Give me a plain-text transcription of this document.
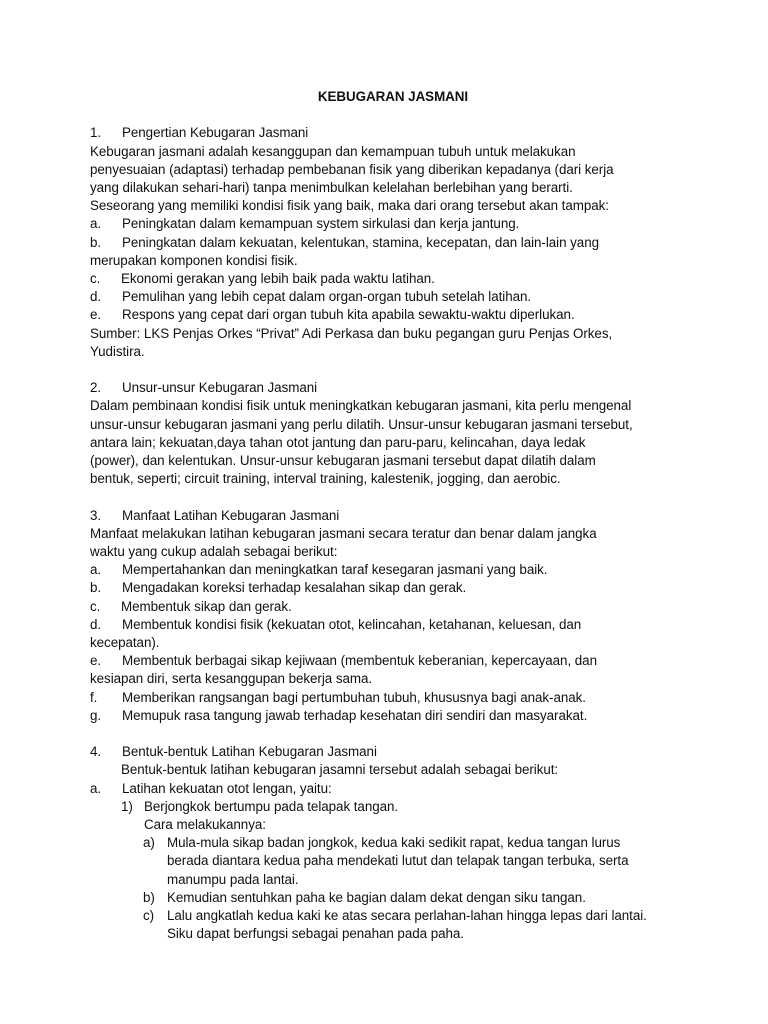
KEBUGARAN JASMANI
1.	Pengertian Kebugaran Jasmani
Kebugaran jasmani adalah kesanggupan dan kemampuan tubuh untuk melakukan
penyesuaian (adaptasi) terhadap pembebanan fisik yang diberikan kepadanya (dari kerja
yang dilakukan sehari-hari) tanpa menimbulkan kelelahan berlebihan yang berarti.
Seseorang yang memiliki kondisi fisik yang baik, maka dari orang tersebut akan tampak:
a.	Peningkatan dalam kemampuan system sirkulasi dan kerja jantung.
b.	Peningkatan dalam kekuatan, kelentukan, stamina, kecepatan, dan lain-lain yang
merupakan komponen kondisi fisik.
c.	Ekonomi gerakan yang lebih baik pada waktu latihan.
d.	Pemulihan yang lebih cepat dalam organ-organ tubuh setelah latihan.
e.	Respons yang cepat dari organ tubuh kita apabila sewaktu-waktu diperlukan.
Sumber: LKS Penjas Orkes “Privat” Adi Perkasa dan buku pegangan guru Penjas Orkes,
Yudistira.
2.	Unsur-unsur Kebugaran Jasmani
Dalam pembinaan kondisi fisik untuk meningkatkan kebugaran jasmani, kita perlu mengenal
unsur-unsur kebugaran jasmani yang perlu dilatih. Unsur-unsur kebugaran jasmani tersebut,
antara lain; kekuatan,daya tahan otot jantung dan paru-paru, kelincahan, daya ledak
(power), dan kelentukan. Unsur-unsur kebugaran jasmani tersebut dapat dilatih dalam
bentuk, seperti; circuit training, interval training, kalestenik, jogging, dan aerobic.
3.	Manfaat Latihan Kebugaran Jasmani
Manfaat melakukan latihan kebugaran jasmani secara teratur dan benar dalam jangka
waktu yang cukup adalah sebagai berikut:
a.	Mempertahankan dan meningkatkan taraf kesegaran jasmani yang baik.
b.	Mengadakan koreksi terhadap kesalahan sikap dan gerak.
c.	Membentuk sikap dan gerak.
d.	Membentuk kondisi fisik (kekuatan otot, kelincahan, ketahanan, keluesan, dan
kecepatan).
e.	Membentuk berbagai sikap kejiwaan (membentuk keberanian, kepercayaan, dan
kesiapan diri, serta kesanggupan bekerja sama.
f.	Memberikan rangsangan bagi pertumbuhan tubuh, khususnya bagi anak-anak.
g.	Memupuk rasa tangung jawab terhadap kesehatan diri sendiri dan masyarakat.
4.	Bentuk-bentuk Latihan Kebugaran Jasmani
Bentuk-bentuk latihan kebugaran jasamni tersebut adalah sebagai berikut:
a.	Latihan kekuatan otot lengan, yaitu:
1) Berjongkok bertumpu pada telapak tangan.
Cara melakukannya:
a) Mula-mula sikap badan jongkok, kedua kaki sedikit rapat, kedua tangan lurus
berada diantara kedua paha mendekati lutut dan telapak tangan terbuka, serta
manumpu pada lantai.
b) Kemudian sentuhkan paha ke bagian dalam dekat dengan siku tangan.
c) Lalu angkatlah kedua kaki ke atas secara perlahan-lahan hingga lepas dari lantai.
Siku dapat berfungsi sebagai penahan pada paha.
